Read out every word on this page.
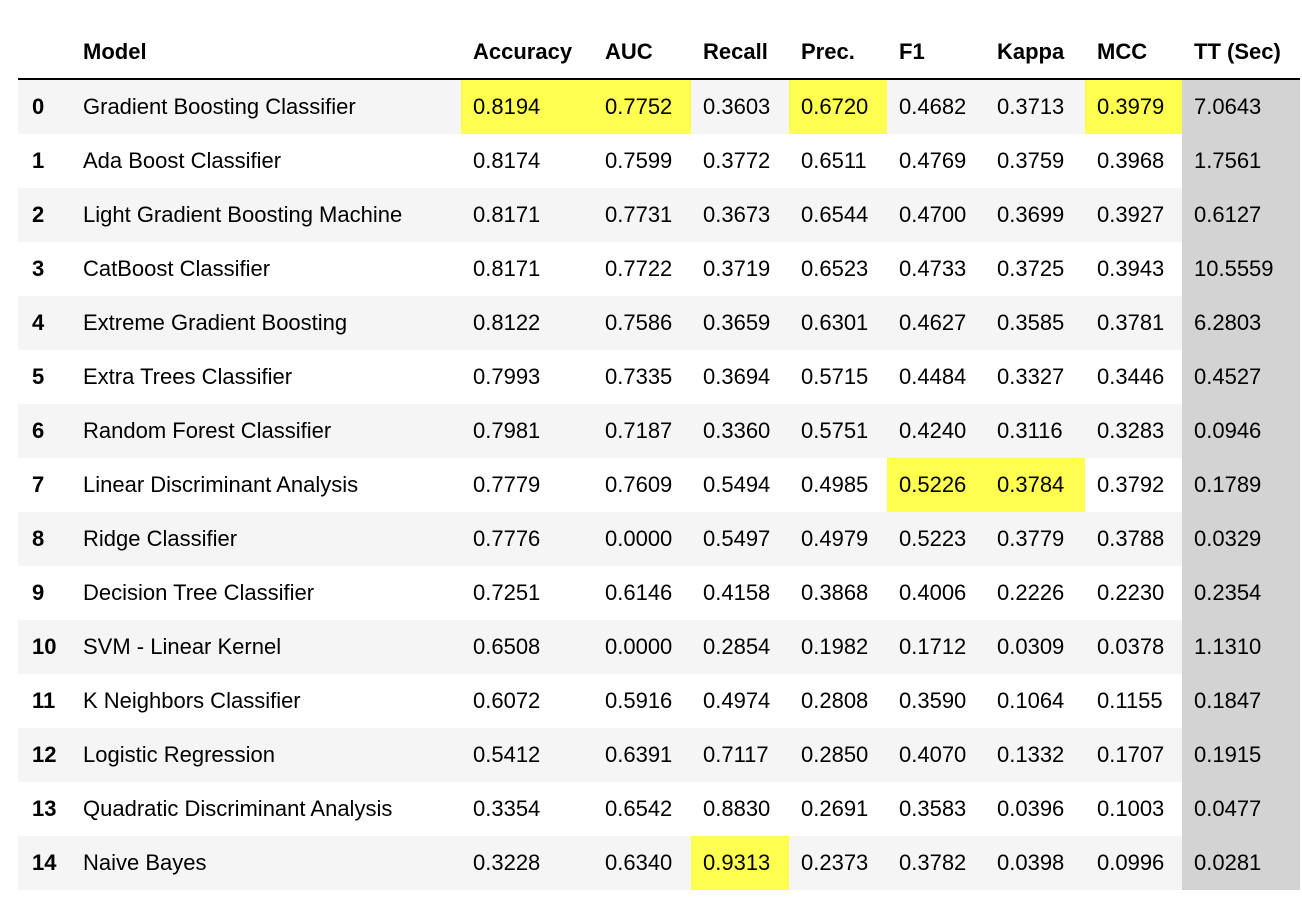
	Model	Accuracy	AUC	Recall	Prec.	F1	Kappa	MCC	TT (Sec)
0	Gradient Boosting Classifier	0.8194	0.7752	0.3603	0.6720	0.4682	0.3713	0.3979	7.0643
1	Ada Boost Classifier	0.8174	0.7599	0.3772	0.6511	0.4769	0.3759	0.3968	1.7561
2	Light Gradient Boosting Machine	0.8171	0.7731	0.3673	0.6544	0.4700	0.3699	0.3927	0.6127
3	CatBoost Classifier	0.8171	0.7722	0.3719	0.6523	0.4733	0.3725	0.3943	10.5559
4	Extreme Gradient Boosting	0.8122	0.7586	0.3659	0.6301	0.4627	0.3585	0.3781	6.2803
5	Extra Trees Classifier	0.7993	0.7335	0.3694	0.5715	0.4484	0.3327	0.3446	0.4527
6	Random Forest Classifier	0.7981	0.7187	0.3360	0.5751	0.4240	0.3116	0.3283	0.0946
7	Linear Discriminant Analysis	0.7779	0.7609	0.5494	0.4985	0.5226	0.3784	0.3792	0.1789
8	Ridge Classifier	0.7776	0.0000	0.5497	0.4979	0.5223	0.3779	0.3788	0.0329
9	Decision Tree Classifier	0.7251	0.6146	0.4158	0.3868	0.4006	0.2226	0.2230	0.2354
10	SVM - Linear Kernel	0.6508	0.0000	0.2854	0.1982	0.1712	0.0309	0.0378	1.1310
11	K Neighbors Classifier	0.6072	0.5916	0.4974	0.2808	0.3590	0.1064	0.1155	0.1847
12	Logistic Regression	0.5412	0.6391	0.7117	0.2850	0.4070	0.1332	0.1707	0.1915
13	Quadratic Discriminant Analysis	0.3354	0.6542	0.8830	0.2691	0.3583	0.0396	0.1003	0.0477
14	Naive Bayes	0.3228	0.6340	0.9313	0.2373	0.3782	0.0398	0.0996	0.0281
